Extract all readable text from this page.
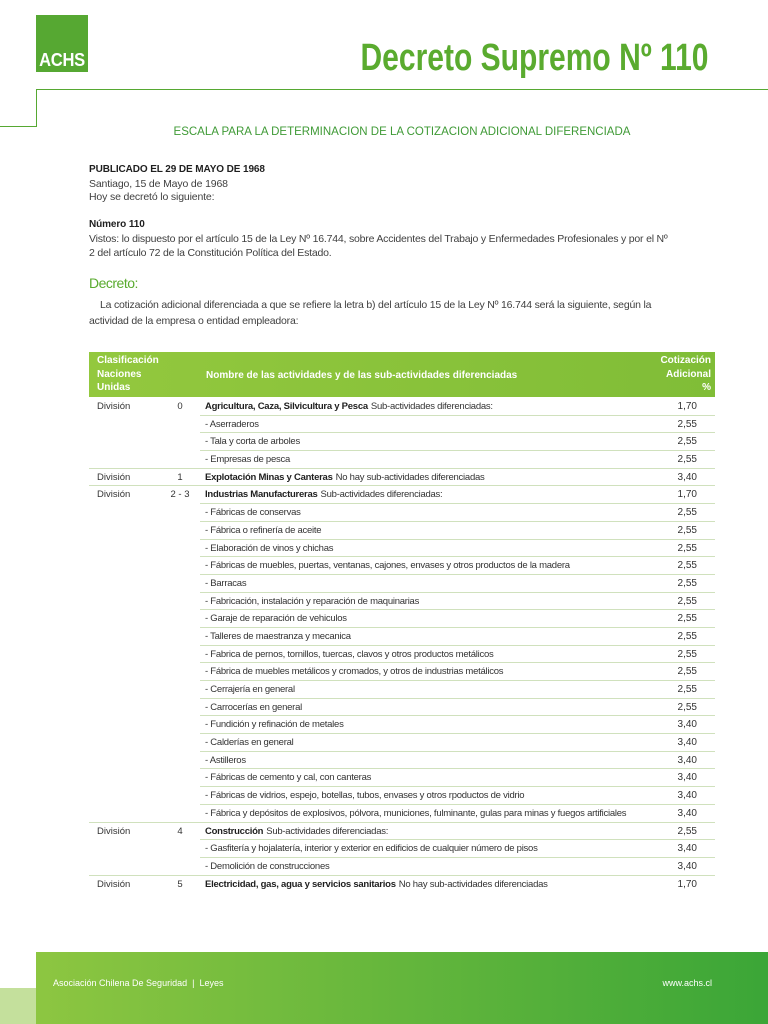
ACHS	Decreto Supremo Nº 110
ESCALA PARA LA DETERMINACION DE LA COTIZACION ADICIONAL DIFERENCIADA
PUBLICADO EL 29 DE MAYO DE 1968
Santiago, 15 de Mayo de 1968
Hoy se decretó lo siguiente:
Número 110
Vistos: lo dispuesto por el artículo 15 de la Ley Nº 16.744, sobre Accidentes del Trabajo y Enfermedades Profesionales y por el Nº
2 del artículo 72 de la Constitución Política del Estado.
Decreto:
La cotización adicional diferenciada a que se refiere la letra b) del artículo 15 de la Ley Nº 16.744 será la siguiente, según la
actividad de la empresa o entidad empleadora:
Clasificación
Naciones
Unidas
Nombre de las actividades y de las sub-actividades diferenciadas
Cotización
Adicional
%
División	0	Agricultura, Caza, Silvicultura y Pesca Sub-actividades diferenciadas:	1,70
- Aserraderos	2,55
- Tala y corta de arboles	2,55
- Empresas de pesca	2,55
División	1	Explotación Minas y Canteras No hay sub-actividades diferenciadas	3,40
División	2 - 3	Industrias Manufactureras Sub-actividades diferenciadas:	1,70
- Fábricas de conservas	2,55
- Fábrica o refinería de aceite	2,55
- Elaboración de vinos y chichas	2,55
- Fábricas de muebles, puertas, ventanas, cajones, envases y otros productos de la madera	2,55
- Barracas	2,55
- Fabricación, instalación y reparación de maquinarias	2,55
- Garaje de reparación de vehiculos	2,55
- Talleres de maestranza y mecanica	2,55
- Fabrica de pernos, tornillos, tuercas, clavos y otros productos metálicos	2,55
- Fábrica de muebles metálicos y cromados, y otros de industrias metálicos	2,55
- Cerrajería en general	2,55
- Carrocerías en general	2,55
- Fundición y refinación de metales	3,40
- Calderías en general	3,40
- Astilleros	3,40
- Fábricas de cemento y cal, con canteras	3,40
- Fábricas de vidrios, espejo, botellas, tubos, envases y otros rpoductos de vidrio	3,40
- Fábrica y depósitos de explosivos, pólvora, municiones, fulminante, gulas para minas y fuegos artificiales	3,40
División	4	Construcción Sub-actividades diferenciadas:	2,55
- Gasfitería y hojalatería, interior y exterior en edificios de cualquier número de pisos	3,40
- Demolición de construcciones	3,40
División	5	Electricidad, gas, agua y servicios sanitarios No hay sub-actividades diferenciadas	1,70
Asociación Chilena De Seguridad | Leyes	www.achs.cl
